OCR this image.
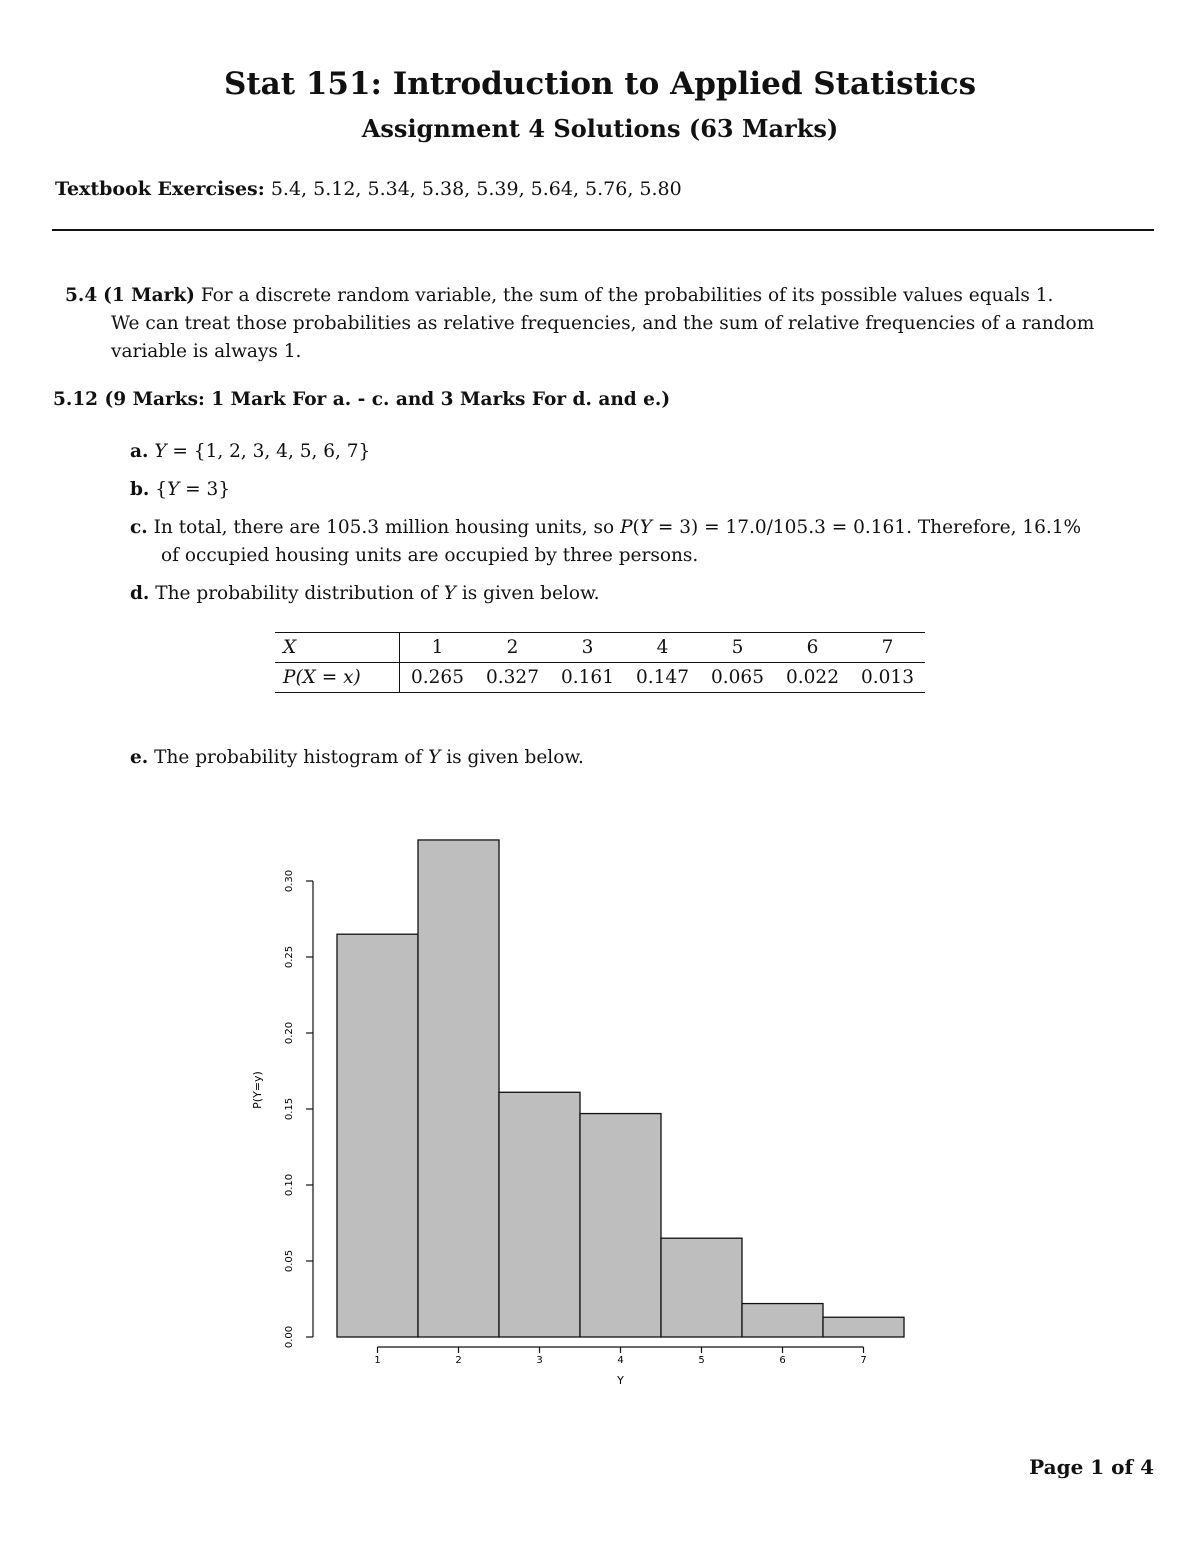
Stat 151: Introduction to Applied Statistics
Assignment 4 Solutions (63 Marks)
Textbook Exercises: 5.4, 5.12, 5.34, 5.38, 5.39, 5.64, 5.76, 5.80
5.4 (1 Mark) For a discrete random variable, the sum of the probabilities of its possible values equals 1.
We can treat those probabilities as relative frequencies, and the sum of relative frequencies of a random
variable is always 1.
5.12 (9 Marks: 1 Mark For a. - c. and 3 Marks For d. and e.)
a. Y = {1, 2, 3, 4, 5, 6, 7}
b. {Y = 3}
c. In total, there are 105.3 million housing units, so P(Y = 3) = 17.0/105.3 = 0.161. Therefore, 16.1%
of occupied housing units are occupied by three persons.
d. The probability distribution of Y is given below.
X	1	2	3	4	5	6	7
P(X = x)	0.265	0.327	0.161	0.147	0.065	0.022	0.013
e. The probability histogram of Y is given below.
0.00
0.05
0.10
0.15
0.20
0.25
0.30
1	2	3	4	5	6	7
Y
P(Y=y)
Page 1 of 4
